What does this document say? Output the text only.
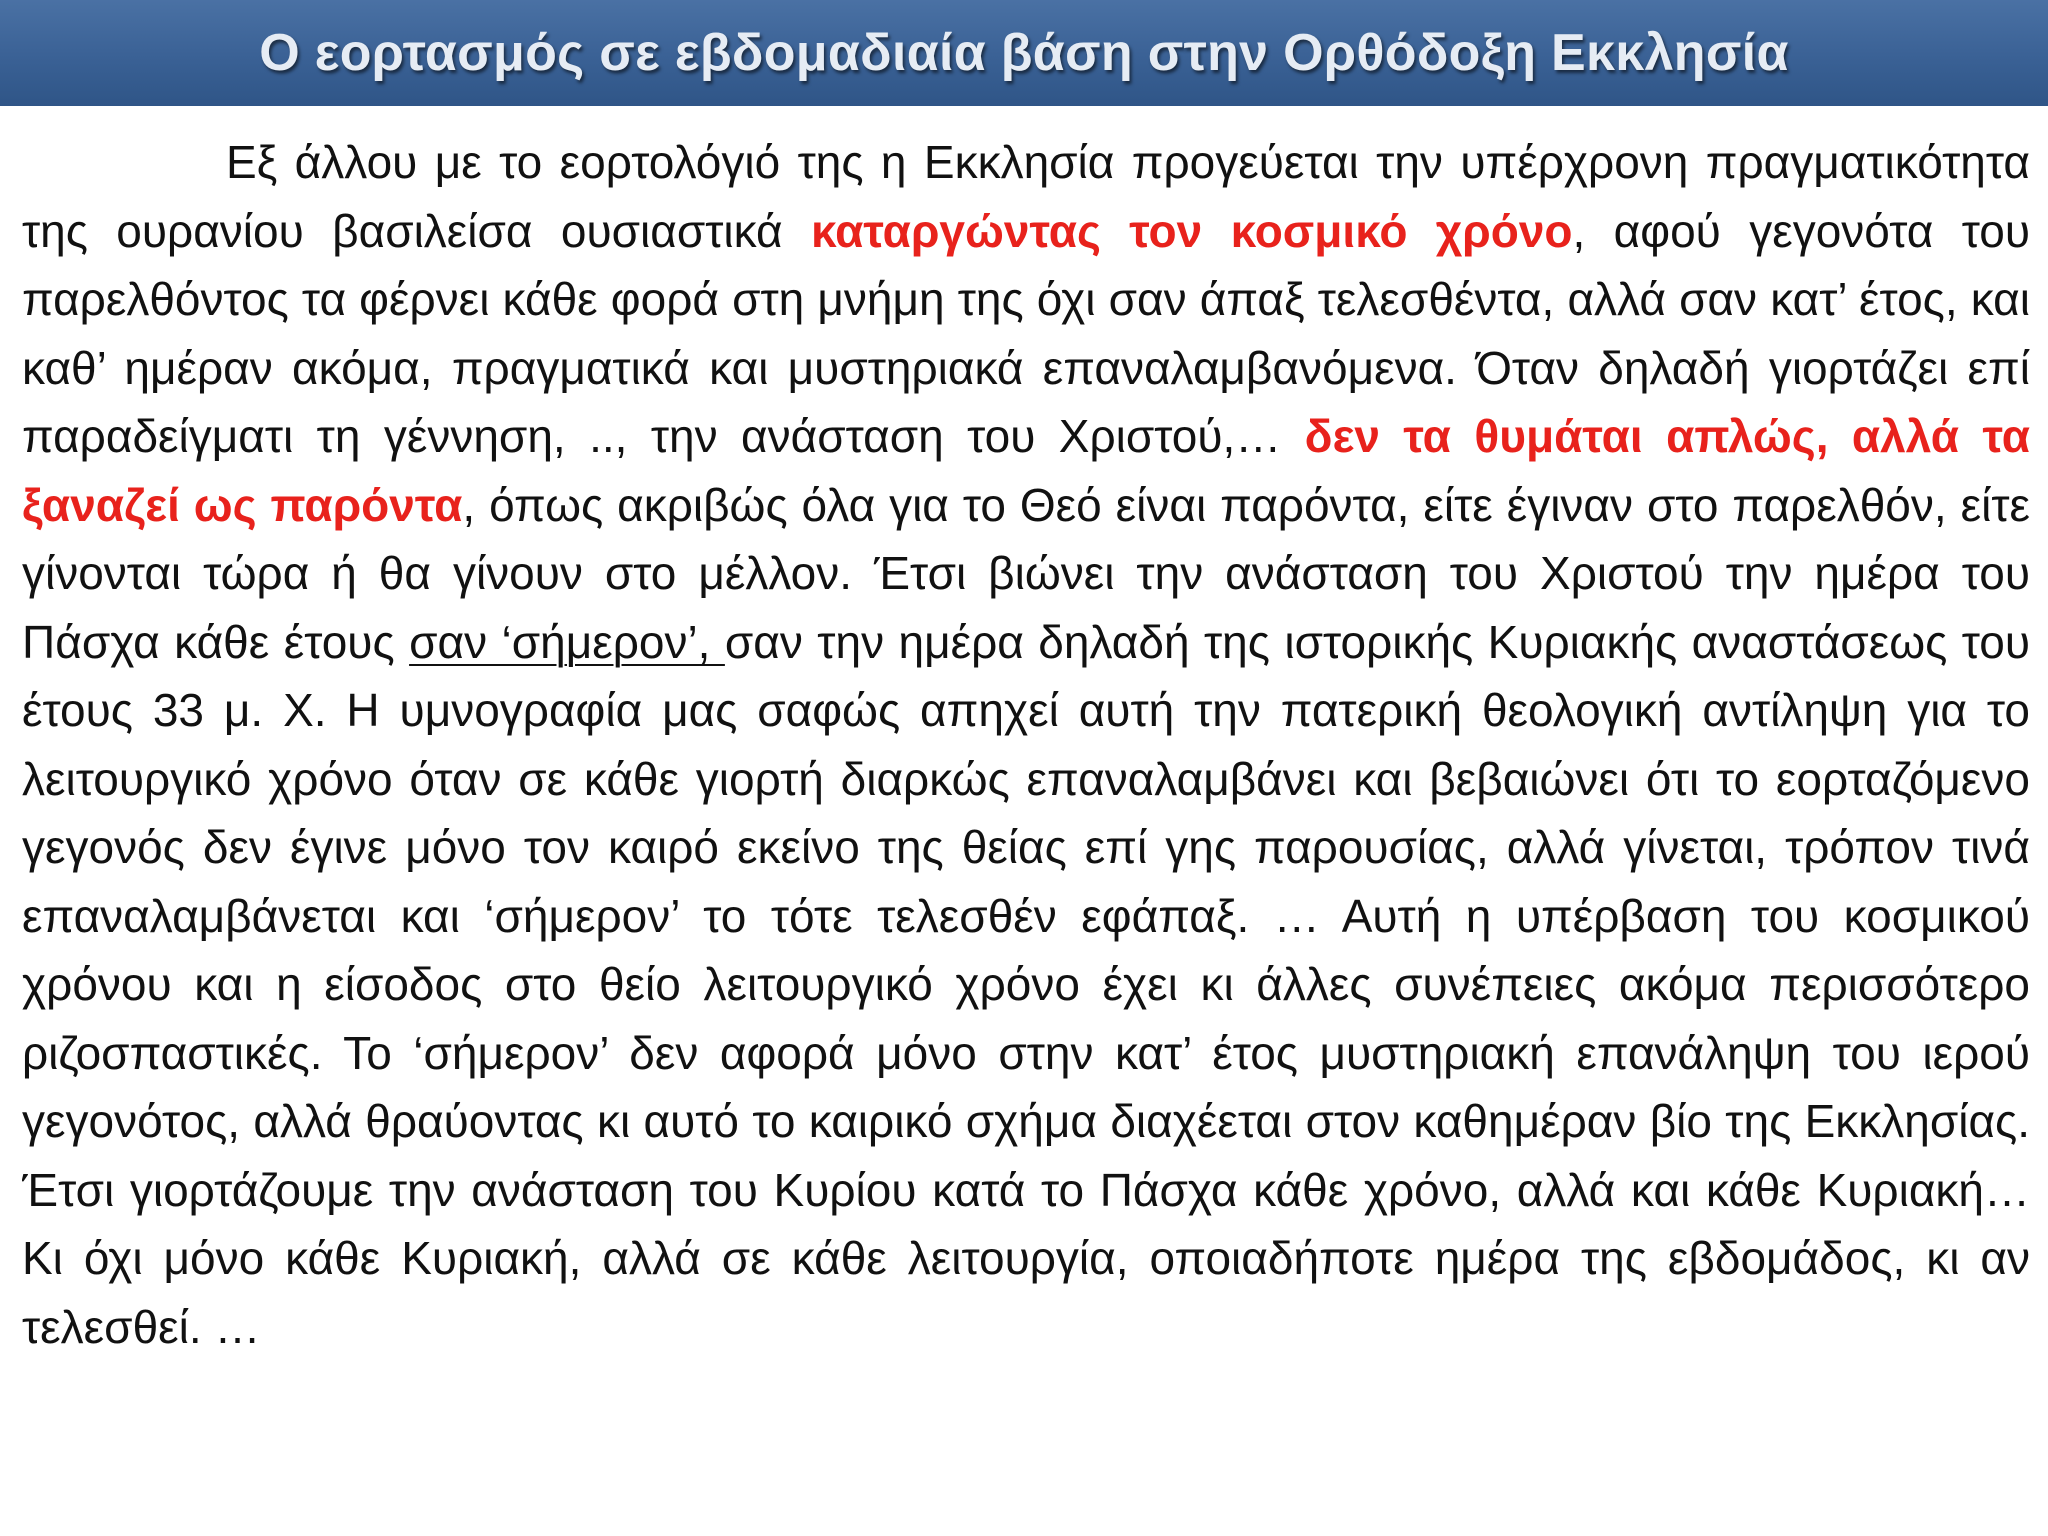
Ο εορτασμός σε εβδομαδιαία βάση στην Ορθόδοξη Εκκλησία

Εξ άλλου με το εορτολόγιό της η Εκκλησία προγεύεται την υπέρχρονη πραγματικότητα της ουρανίου βασιλείσα ουσιαστικά καταργώντας τον κοσμικό χρόνο, αφού γεγονότα του παρελθόντος τα φέρνει κάθε φορά στη μνήμη της όχι σαν άπαξ τελεσθέντα, αλλά σαν κατ’ έτος, και καθ’ ημέραν ακόμα, πραγματικά και μυστηριακά επαναλαμβανόμενα. Όταν δηλαδή γιορτάζει επί παραδείγματι τη γέννηση, .., την ανάσταση του Χριστού,… δεν τα θυμάται απλώς, αλλά τα ξαναζεί ως παρόντα, όπως ακριβώς όλα για το Θεό είναι παρόντα, είτε έγιναν στο παρελθόν, είτε γίνονται τώρα ή θα γίνουν στο μέλλον. Έτσι βιώνει την ανάσταση του Χριστού την ημέρα του Πάσχα κάθε έτους σαν ‘σήμερον’, σαν την ημέρα δηλαδή της ιστορικής Κυριακής αναστάσεως του έτους 33 μ. Χ. Η υμνογραφία μας σαφώς απηχεί αυτή την πατερική θεολογική αντίληψη για το λειτουργικό χρόνο όταν σε κάθε γιορτή διαρκώς επαναλαμβάνει και βεβαιώνει ότι το εορταζόμενο γεγονός δεν έγινε μόνο τον καιρό εκείνο της θείας επί γης παρουσίας, αλλά γίνεται, τρόπον τινά επαναλαμβάνεται και ‘σήμερον’ το τότε τελεσθέν εφάπαξ. … Αυτή η υπέρβαση του κοσμικού χρόνου και η είσοδος στο θείο λειτουργικό χρόνο έχει κι άλλες συνέπειες ακόμα περισσότερο ριζοσπαστικές. Το ‘σήμερον’ δεν αφορά μόνο στην κατ’ έτος μυστηριακή επανάληψη του ιερού γεγονότος, αλλά θραύοντας κι αυτό το καιρικό σχήμα διαχέεται στον καθημέραν βίο της Εκκλησίας. Έτσι γιορτάζουμε την ανάσταση του Κυρίου κατά το Πάσχα κάθε χρόνο, αλλά και κάθε Κυριακή… Κι όχι μόνο κάθε Κυριακή, αλλά σε κάθε λειτουργία, οποιαδήποτε ημέρα της εβδομάδος, κι αν τελεσθεί. …
